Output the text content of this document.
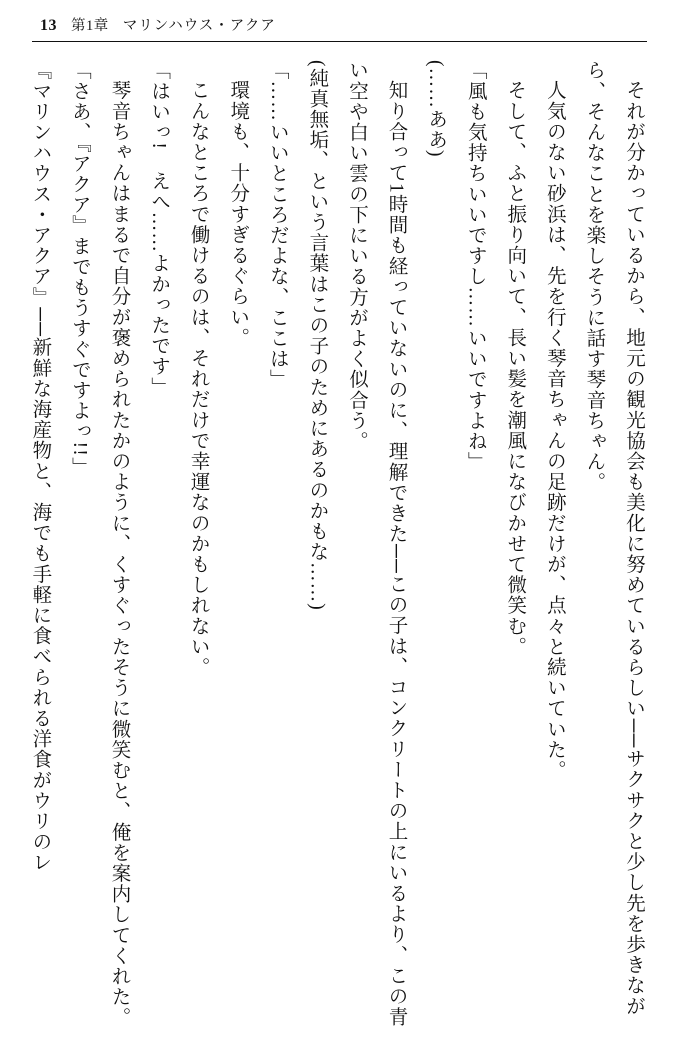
13 第1章 マリンハウス・アクア

それが分かっているから、地元の観光協会も美化に努めているらしい──サクサクと少し先を歩きながら、そんなことを楽しそうに話す琴音ちゃん。

人気のない砂浜は、先を行く琴音ちゃんの足跡だけが、点々と続いていた。

そして、ふと振り向いて、長い髪を潮風になびかせて微笑む。

「風も気持ちいいですし……いいですよね」

(……ああ)

知り合って1時間も経っていないのに、理解できた──この子は、コンクリートの上にいるより、この青い空や白い雲の下にいる方がよく似合う。

(純真無垢、という言葉はこの子のためにあるのかもな……)

「……いいところだよな、ここは」

環境も、十分すぎるぐらい。

こんなところで働けるのは、それだけで幸運なのかもしれない。

「はいっ!　えへ……よかったです」

琴音ちゃんはまるで自分が褒められたかのように、くすぐったそうに微笑むと、俺を案内してくれた。

「さあ、『アクア』までもうすぐですよっ!!」

『マリンハウス・アクア』──新鮮な海産物と、海でも手軽に食べられる洋食がウリのレ
